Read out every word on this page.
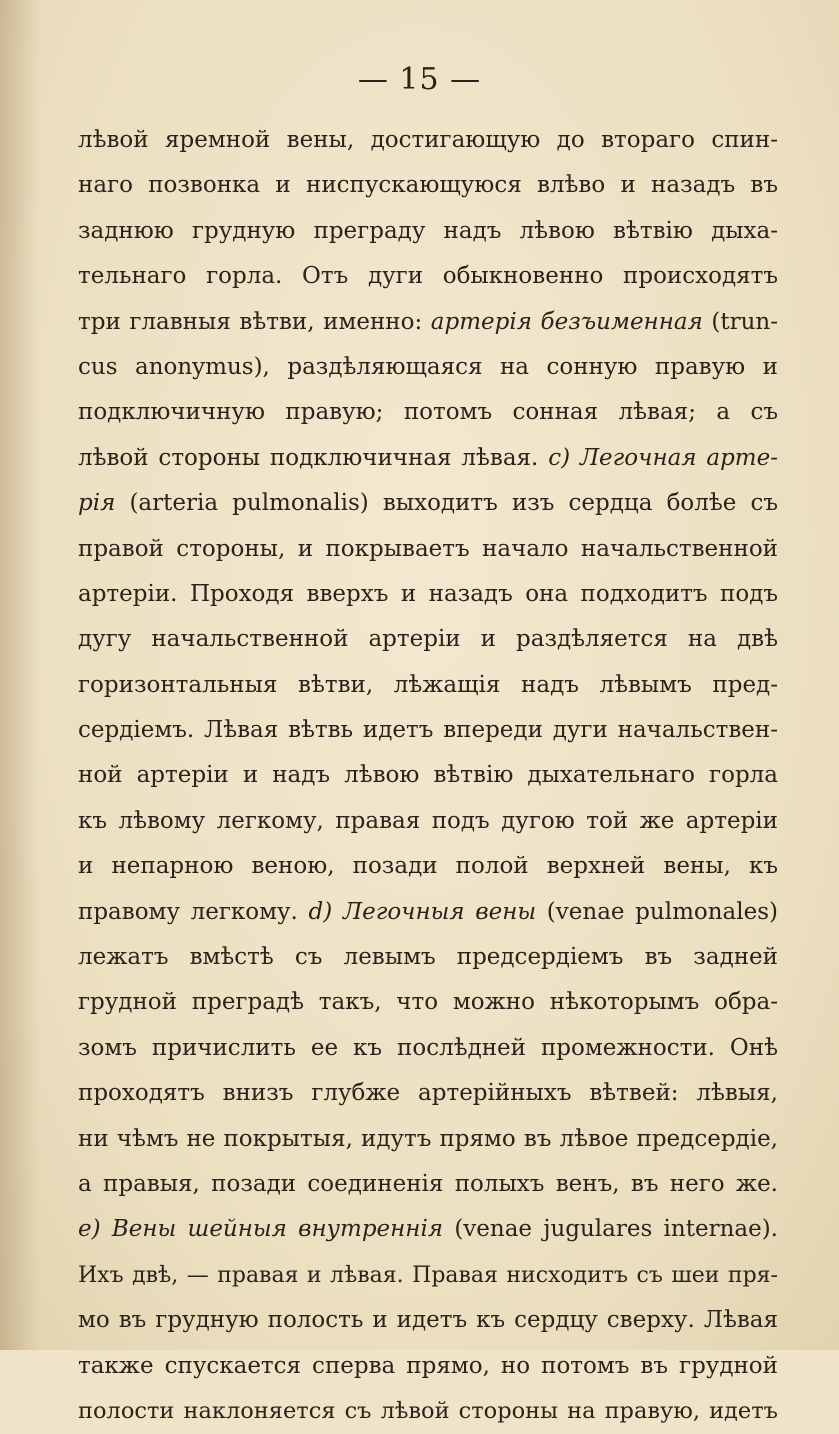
— 15 —
лѣвой яремной вены, достигающую до втораго спин-
наго позвонка и ниспускающуюся влѣво и назадъ въ
заднюю грудную преграду надъ лѣвою вѣтвію дыха-
тельнаго горла. Отъ дуги обыкновенно происходятъ
три главныя вѣтви, именно: артерія безъименная (trun-
cus anonymus), раздѣляющаяся на сонную правую и
подключичную правую; потомъ сонная лѣвая; а съ
лѣвой стороны подключичная лѣвая. c) Легочная арте-
рія (arteria pulmonalis) выходитъ изъ сердца болѣе съ
правой стороны, и покрываетъ начало начальственной
артеріи. Проходя вверхъ и назадъ она подходитъ подъ
дугу начальственной артеріи и раздѣляется на двѣ
горизонтальныя вѣтви, лѣжащія надъ лѣвымъ пред-
сердіемъ. Лѣвая вѣтвь идетъ впереди дуги начальствен-
ной артеріи и надъ лѣвою вѣтвію дыхательнаго горла
къ лѣвому легкому, правая подъ дугою той же артеріи
и непарною веною, позади полой верхней вены, къ
правому легкому. d) Легочныя вены (venae pulmonales)
лежатъ вмѣстѣ съ левымъ предсердіемъ въ задней
грудной преградѣ такъ, что можно нѣкоторымъ обра-
зомъ причислить ее къ послѣдней промежности. Онѣ
проходятъ внизъ глубже артерійныхъ вѣтвей: лѣвыя,
ни чѣмъ не покрытыя, идутъ прямо въ лѣвое предсердіе,
а правыя, позади соединенія полыхъ венъ, въ него же.
e) Вены шейныя внутреннія (venae jugulares internae).
Ихъ двѣ, — правая и лѣвая. Правая нисходитъ съ шеи пря-
мо въ грудную полость и идетъ къ сердцу сверху. Лѣвая
также спускается сперва прямо, но потомъ въ грудной
полости наклоняется съ лѣвой стороны на правую, идетъ
